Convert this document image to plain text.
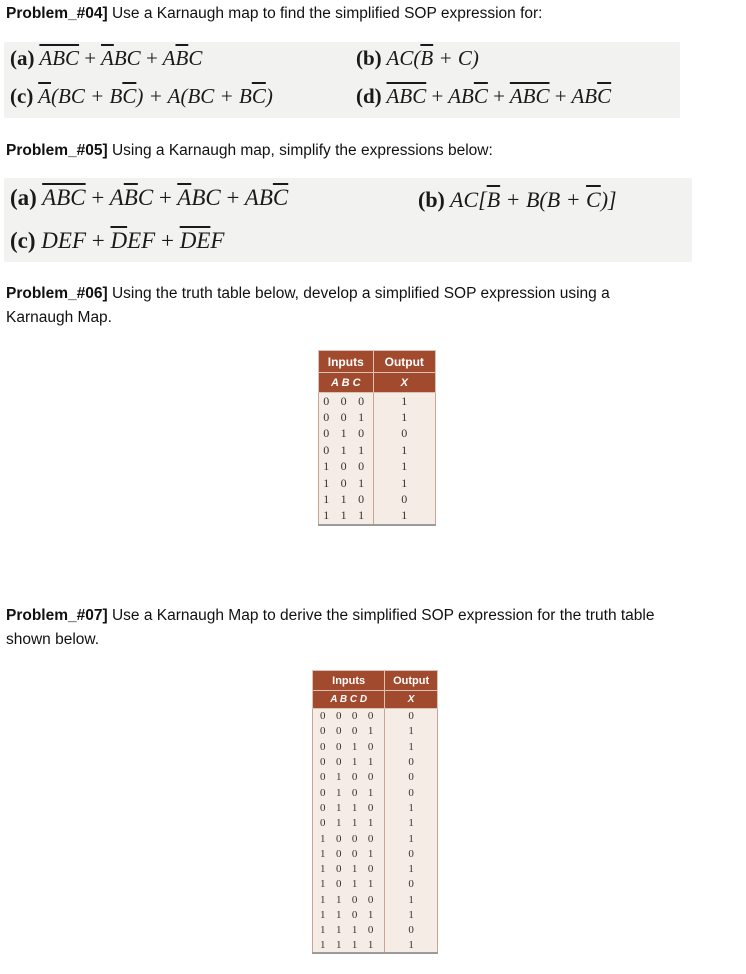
Problem_#04] Use a Karnaugh map to find the simplified SOP expression for:
(a) $\overline{ABC} + \overline{A}BC + A\overline{B}C$	(b) $AC(\overline{B} + C)$
(c) $\overline{A}(BC + B\overline{C}) + A(BC + B\overline{C})$	(d) $\overline{ABC} + AB\overline{C} + \overline{AB}\overline{C} + AB\overline{C}$
Problem_#05] Using a Karnaugh map, simplify the expressions below:
(a) $\overline{ABC} + A\overline{B}C + \overline{A}BC + AB\overline{C}$	(b) $AC[\overline{B} + B(B + \overline{C})]$
(c) DEF + $\overline{D}EF + \overline{DE}F$
Problem_#06] Using the truth table below, develop a simplified SOP expression using a
Karnaugh Map.
Inputs	Output
A B C	X
0 0 0	1
0 0 1	1
0 1 0	0
0 1 1	1
1 0 0	1
1 0 1	1
1 1 0	0
1 1 1	1
Problem_#07] Use a Karnaugh Map to derive the simplified SOP expression for the truth table
shown below.
Inputs	Output
A B C D	X
0 0 0 0	0
0 0 0 1	1
0 0 1 0	1
0 0 1 1	0
0 1 0 0	0
0 1 0 1	0
0 1 1 0	1
0 1 1 1	1
1 0 0 0	1
1 0 0 1	0
1 0 1 0	1
1 0 1 1	0
1 1 0 0	1
1 1 0 1	1
1 1 1 0	0
1 1 1 1	1
